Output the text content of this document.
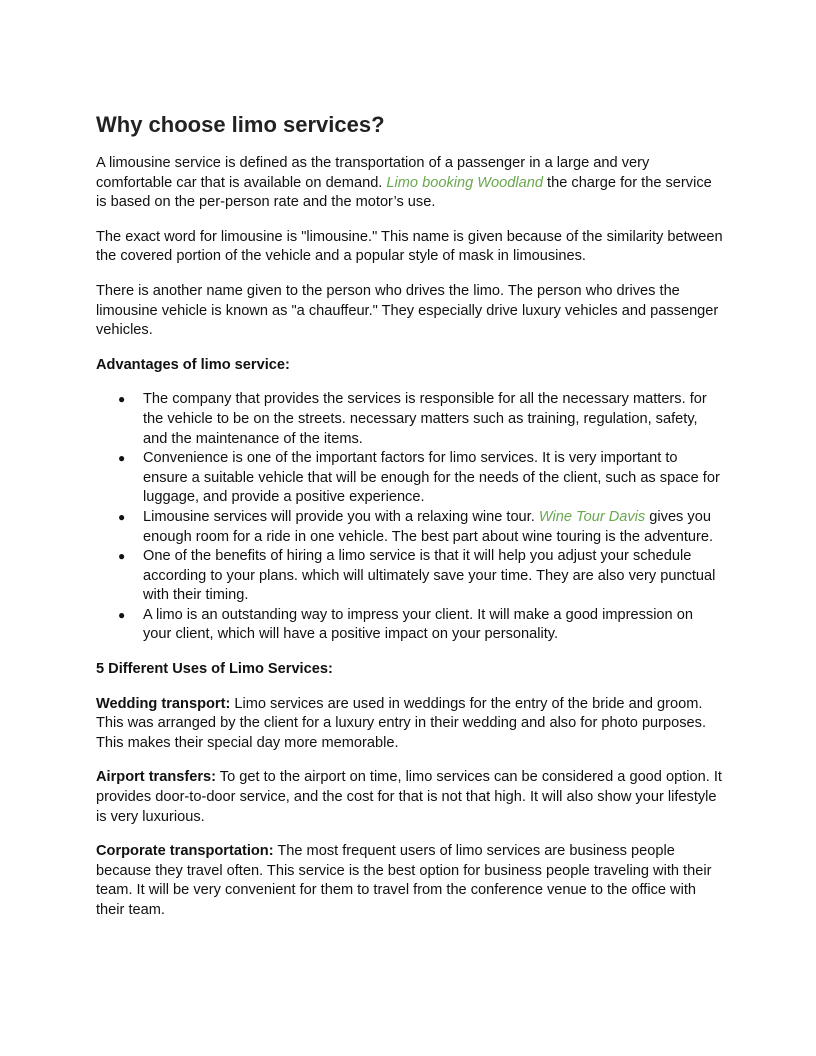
Why choose limo services?

A limousine service is defined as the transportation of a passenger in a large and very comfortable car that is available on demand. Limo booking Woodland the charge for the service is based on the per-person rate and the motor’s use.

The exact word for limousine is "limousine." This name is given because of the similarity between the covered portion of the vehicle and a popular style of mask in limousines.

There is another name given to the person who drives the limo. The person who drives the limousine vehicle is known as "a chauffeur." They especially drive luxury vehicles and passenger vehicles.

Advantages of limo service:

● The company that provides the services is responsible for all the necessary matters. for the vehicle to be on the streets. necessary matters such as training, regulation, safety, and the maintenance of the items.
● Convenience is one of the important factors for limo services. It is very important to ensure a suitable vehicle that will be enough for the needs of the client, such as space for luggage, and provide a positive experience.
● Limousine services will provide you with a relaxing wine tour. Wine Tour Davis gives you enough room for a ride in one vehicle. The best part about wine touring is the adventure.
● One of the benefits of hiring a limo service is that it will help you adjust your schedule according to your plans. which will ultimately save your time. They are also very punctual with their timing.
● A limo is an outstanding way to impress your client. It will make a good impression on your client, which will have a positive impact on your personality.

5 Different Uses of Limo Services:

Wedding transport: Limo services are used in weddings for the entry of the bride and groom. This was arranged by the client for a luxury entry in their wedding and also for photo purposes. This makes their special day more memorable.

Airport transfers: To get to the airport on time, limo services can be considered a good option. It provides door-to-door service, and the cost for that is not that high. It will also show your lifestyle is very luxurious.

Corporate transportation: The most frequent users of limo services are business people because they travel often. This service is the best option for business people traveling with their team. It will be very convenient for them to travel from the conference venue to the office with their team.
